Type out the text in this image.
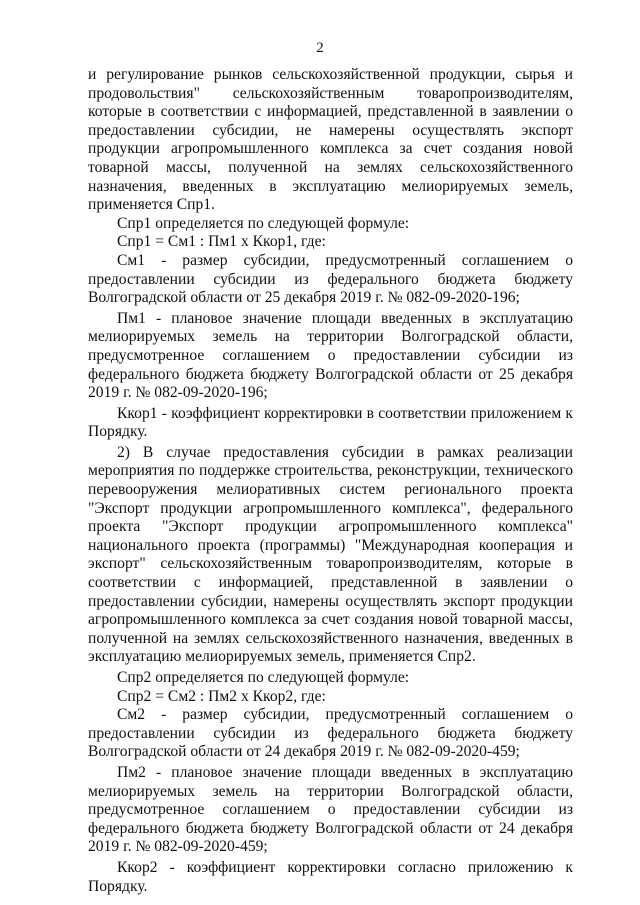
2

и регулирование рынков сельскохозяйственной продукции, сырья и продовольствия" сельскохозяйственным товаропроизводителям, которые в соответствии с информацией, представленной в заявлении о предоставлении субсидии, не намерены осуществлять экспорт продукции агропромышленного комплекса за счет создания новой товарной массы, полученной на землях сельскохозяйственного назначения, введенных в эксплуатацию мелиорируемых земель, применяется Спр1.

Спр1 определяется по следующей формуле:

Спр1 = См1 : Пм1 x Ккор1, где:

См1 - размер субсидии, предусмотренный соглашением о предоставлении субсидии из федерального бюджета бюджету Волгоградской области от 25 декабря 2019 г. № 082-09-2020-196;

Пм1 - плановое значение площади введенных в эксплуатацию мелиорируемых земель на территории Волгоградской области, предусмотренное соглашением о предоставлении субсидии из федерального бюджета бюджету Волгоградской области от 25 декабря 2019 г. № 082-09-2020-196;

Ккор1 - коэффициент корректировки в соответствии приложением к Порядку.

2) В случае предоставления субсидии в рамках реализации мероприятия по поддержке строительства, реконструкции, технического перевооружения мелиоративных систем регионального проекта "Экспорт продукции агропромышленного комплекса", федерального проекта "Экспорт продукции агропромышленного комплекса" национального проекта (программы) "Международная кооперация и экспорт" сельскохозяйственным товаропроизводителям, которые в соответствии с информацией, представленной в заявлении о предоставлении субсидии, намерены осуществлять экспорт продукции агропромышленного комплекса за счет создания новой товарной массы, полученной на землях сельскохозяйственного назначения, введенных в эксплуатацию мелиорируемых земель, применяется Спр2.

Спр2 определяется по следующей формуле:

Спр2 = См2 : Пм2 x Ккор2, где:

См2 - размер субсидии, предусмотренный соглашением о предоставлении субсидии из федерального бюджета бюджету Волгоградской области от 24 декабря 2019 г. № 082-09-2020-459;

Пм2 - плановое значение площади введенных в эксплуатацию мелиорируемых земель на территории Волгоградской области, предусмотренное соглашением о предоставлении субсидии из федерального бюджета бюджету Волгоградской области от 24 декабря 2019 г. № 082-09-2020-459;

Ккор2 - коэффициент корректировки согласно приложению к Порядку.
